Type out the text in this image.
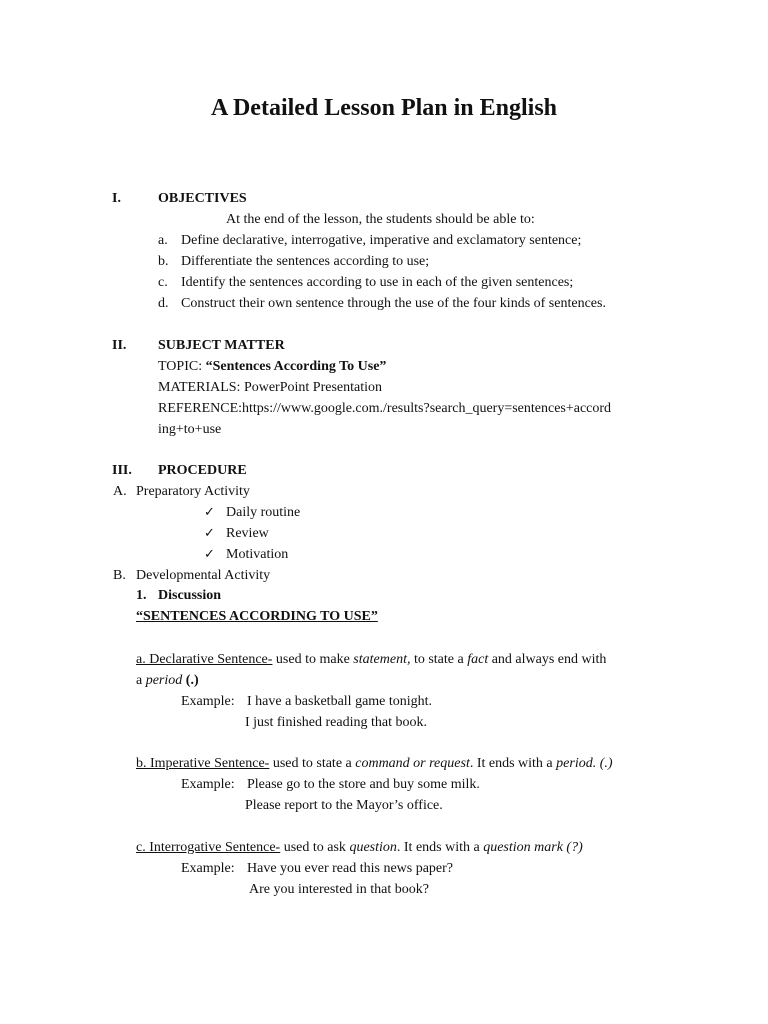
A Detailed Lesson Plan in English
I.	OBJECTIVES
At the end of the lesson, the students should be able to:
a. Define declarative, interrogative, imperative and exclamatory sentence;
b. Differentiate the sentences according to use;
c. Identify the sentences according to use in each of the given sentences;
d. Construct their own sentence through the use of the four kinds of sentences.
II. SUBJECT MATTER
TOPIC: “Sentences According To Use”
MATERIALS: PowerPoint Presentation
REFERENCE:https://www.google.com./results?search_query=sentences+accord
ing+to+use
III. PROCEDURE
A. Preparatory Activity
✓ Daily routine
✓ Review
✓ Motivation
B. Developmental Activity
1. Discussion
“SENTENCES ACCORDING TO USE”
a. Declarative Sentence- used to make statement, to state a fact and always end with
a period (.)
Example: I have a basketball game tonight.
I just finished reading that book.
b. Imperative Sentence- used to state a command or request. It ends with a period. (.)
Example: Please go to the store and buy some milk.
Please report to the Mayor’s office.
c. Interrogative Sentence- used to ask question. It ends with a question mark (?)
Example: Have you ever read this news paper?
Are you interested in that book?
